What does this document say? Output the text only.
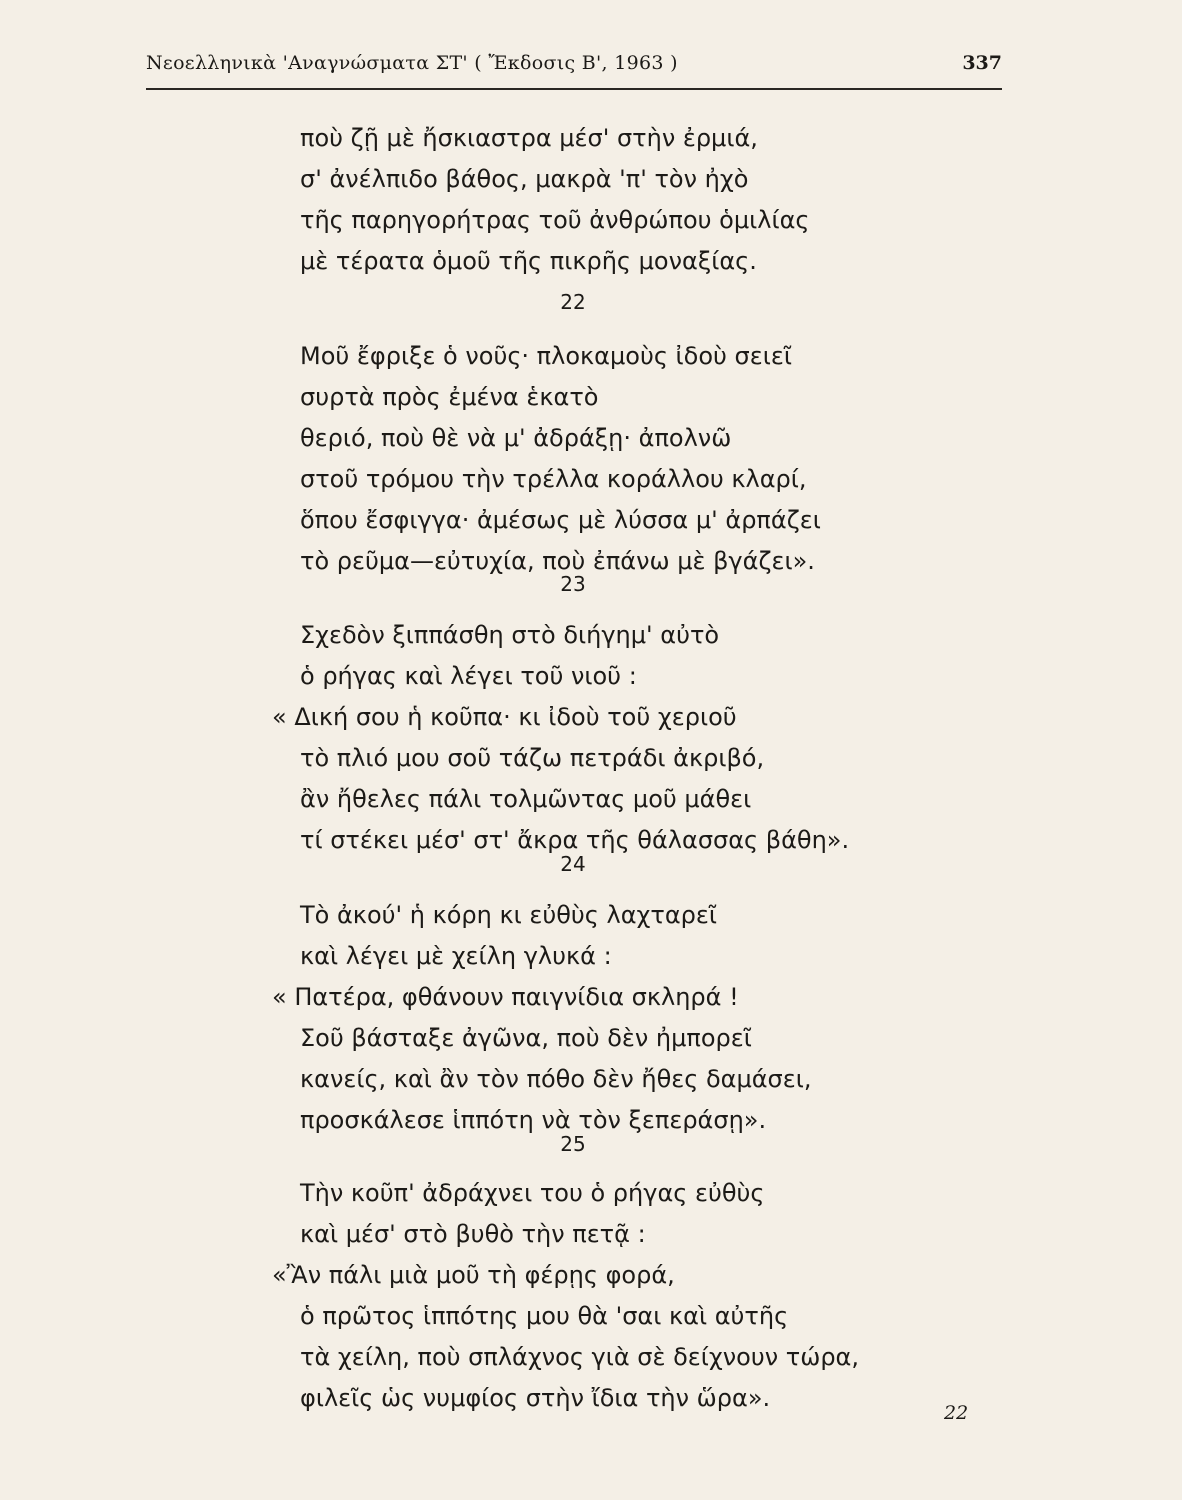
Νεοελληνικὰ 'Αναγνώσματα ΣΤ' ( Ἔκδοσις Β', 1963 )	337
ποὺ ζῇ μὲ ἤσκιαστρα μέσ' στὴν ἐρμιά,
σ' ἀνέλπιδο βάθος, μακρὰ 'π' τὸν ἠχὸ
τῆς παρηγορήτρας τοῦ ἀνθρώπου ὁμιλίας
μὲ τέρατα ὁμοῦ τῆς πικρῆς μοναξίας.
22
Μοῦ ἔφριξε ὁ νοῦς· πλοκαμοὺς ἰδοὺ σειεῖ
συρτὰ πρὸς ἐμένα ἑκατὸ
θεριό, ποὺ θὲ νὰ μ' ἀδράξῃ· ἀπολνῶ
στοῦ τρόμου τὴν τρέλλα κοράλλου κλαρί,
ὅπου ἔσφιγγα· ἀμέσως μὲ λύσσα μ' ἀρπάζει
τὸ ρεῦμα—εὐτυχία, ποὺ ἐπάνω μὲ βγάζει».
23
Σχεδὸν ξιππάσθη στὸ διήγημ' αὐτὸ
ὁ ρήγας καὶ λέγει τοῦ νιοῦ :
« Δική σου ἡ κοῦπα· κι ἰδοὺ τοῦ χεριοῦ
τὸ πλιό μου σοῦ τάζω πετράδι ἀκριβό,
ἂν ἤθελες πάλι τολμῶντας μοῦ μάθει
τί στέκει μέσ' στ' ἄκρα τῆς θάλασσας βάθη».
24
Τὸ ἀκού' ἡ κόρη κι εὐθὺς λαχταρεῖ
καὶ λέγει μὲ χείλη γλυκά :
« Πατέρα, φθάνουν παιγνίδια σκληρά !
Σοῦ βάσταξε ἀγῶνα, ποὺ δὲν ἠμπορεῖ
κανείς, καὶ ἂν τὸν πόθο δὲν ἤθες δαμάσει,
προσκάλεσε ἱππότη νὰ τὸν ξεπεράσῃ».
25
Τὴν κοῦπ' ἀδράχνει του ὁ ρήγας εὐθὺς
καὶ μέσ' στὸ βυθὸ τὴν πετᾷ :
«Ἂν πάλι μιὰ μοῦ τὴ φέρῃς φορά,
ὁ πρῶτος ἱππότης μου θὰ 'σαι καὶ αὐτῆς
τὰ χείλη, ποὺ σπλάχνος γιὰ σὲ δείχνουν τώρα,
φιλεῖς ὡς νυμφίος στὴν ἴδια τὴν ὥρα».
22
